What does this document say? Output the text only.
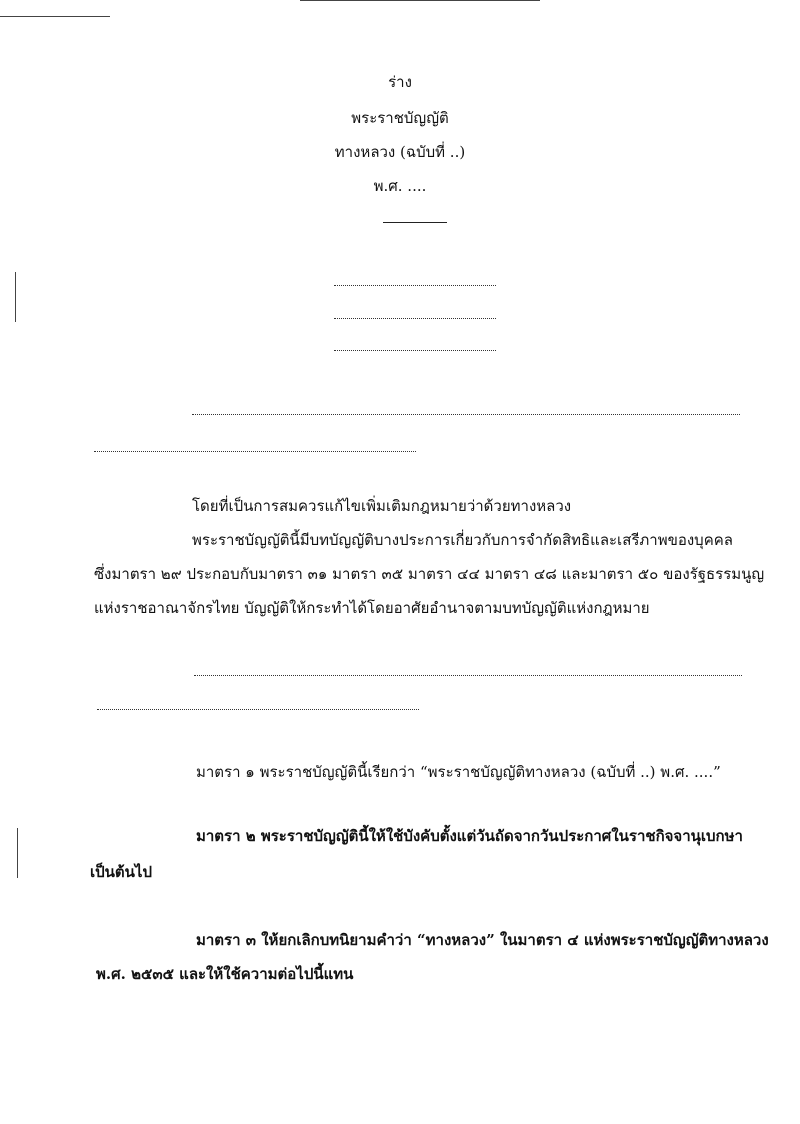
ร่าง
พระราชบัญญัติ
ทางหลวง (ฉบับที่ ..)
พ.ศ. ....
โดยที่เป็นการสมควรแก้ไขเพิ่มเติมกฎหมายว่าด้วยทางหลวง
พระราชบัญญัตินี้มีบทบัญญัติบางประการเกี่ยวกับการจำกัดสิทธิและเสรีภาพของบุคคล
ซึ่งมาตรา ๒๙ ประกอบกับมาตรา ๓๑ มาตรา ๓๕ มาตรา ๔๔ มาตรา ๔๘ และมาตรา ๕๐ ของรัฐธรรมนูญ
แห่งราชอาณาจักรไทย บัญญัติให้กระทำได้โดยอาศัยอำนาจตามบทบัญญัติแห่งกฎหมาย
มาตรา ๑ พระราชบัญญัตินี้เรียกว่า “พระราชบัญญัติทางหลวง (ฉบับที่ ..) พ.ศ. ....”
มาตรา ๒ พระราชบัญญัตินี้ให้ใช้บังคับตั้งแต่วันถัดจากวันประกาศในราชกิจจานุเบกษา
เป็นต้นไป
มาตรา ๓ ให้ยกเลิกบทนิยามคำว่า “ทางหลวง” ในมาตรา ๔ แห่งพระราชบัญญัติทางหลวง
พ.ศ. ๒๕๓๕ และให้ใช้ความต่อไปนี้แทน
